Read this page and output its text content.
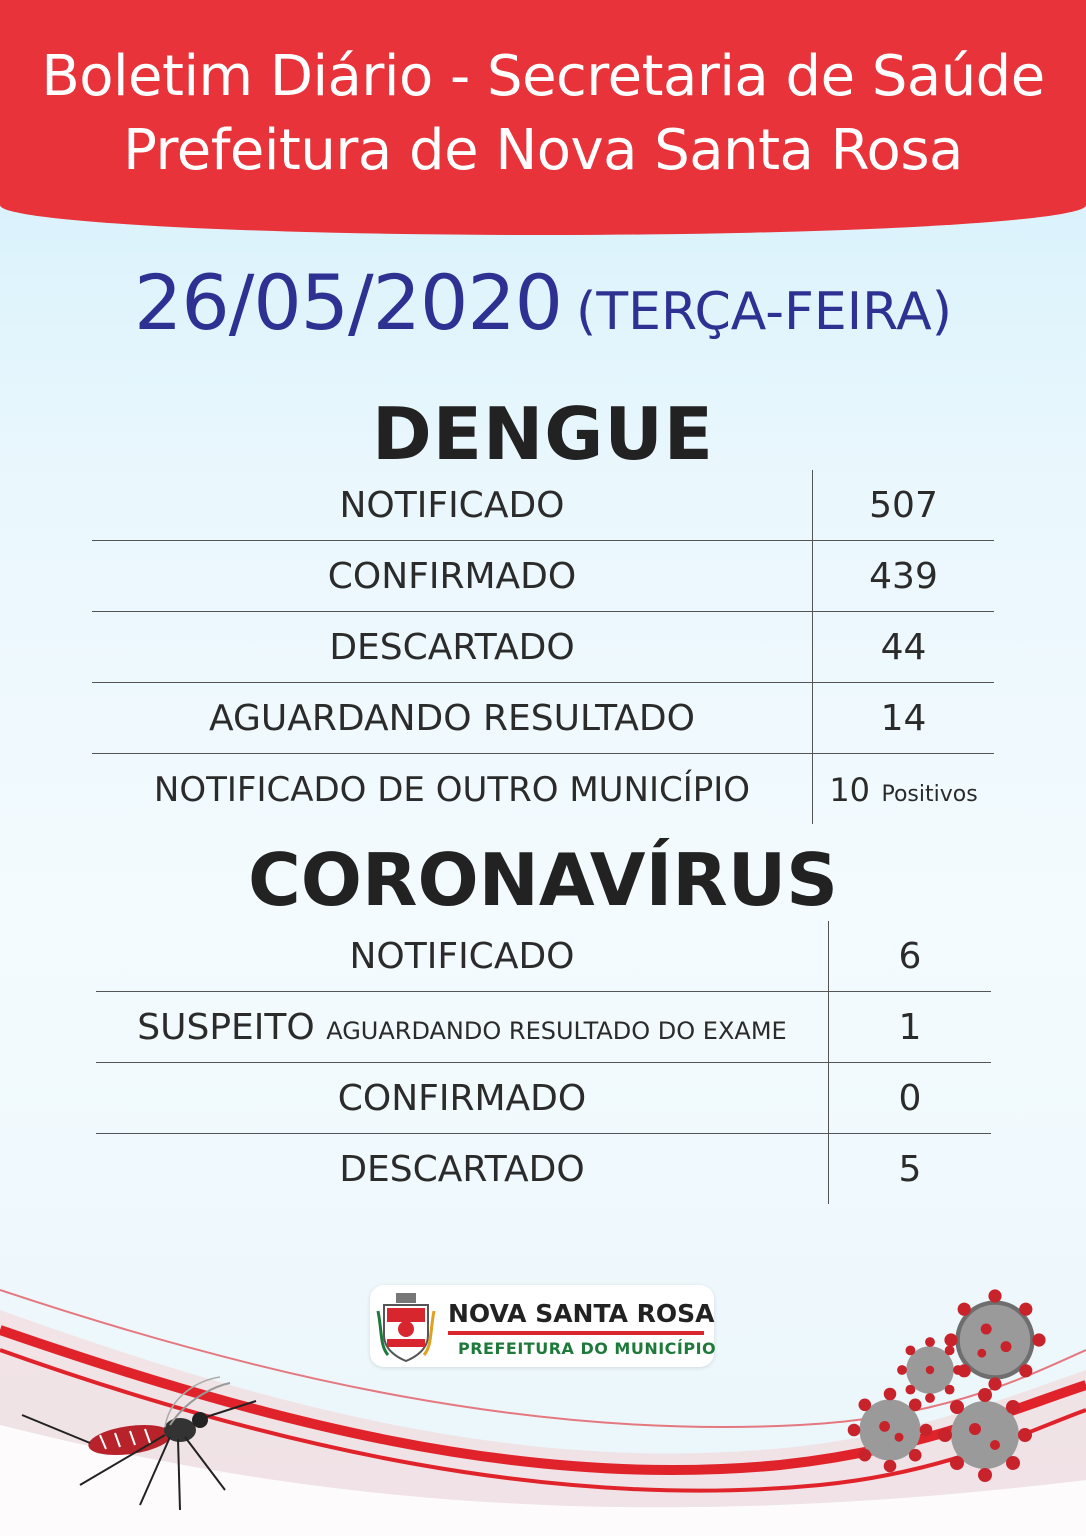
Boletim Diário - Secretaria de Saúde
Prefeitura de Nova Santa Rosa
26/05/2020 (TERÇA-FEIRA)
DENGUE
NOTIFICADO	507
CONFIRMADO	439
DESCARTADO	44
AGUARDANDO RESULTADO	14
NOTIFICADO DE OUTRO MUNICÍPIO	10 Positivos
CORONAVÍRUS
NOTIFICADO	6
SUSPEITO AGUARDANDO RESULTADO DO EXAME	1
CONFIRMADO	0
DESCARTADO	5
NOVA SANTA ROSA
PREFEITURA DO MUNICÍPIO
